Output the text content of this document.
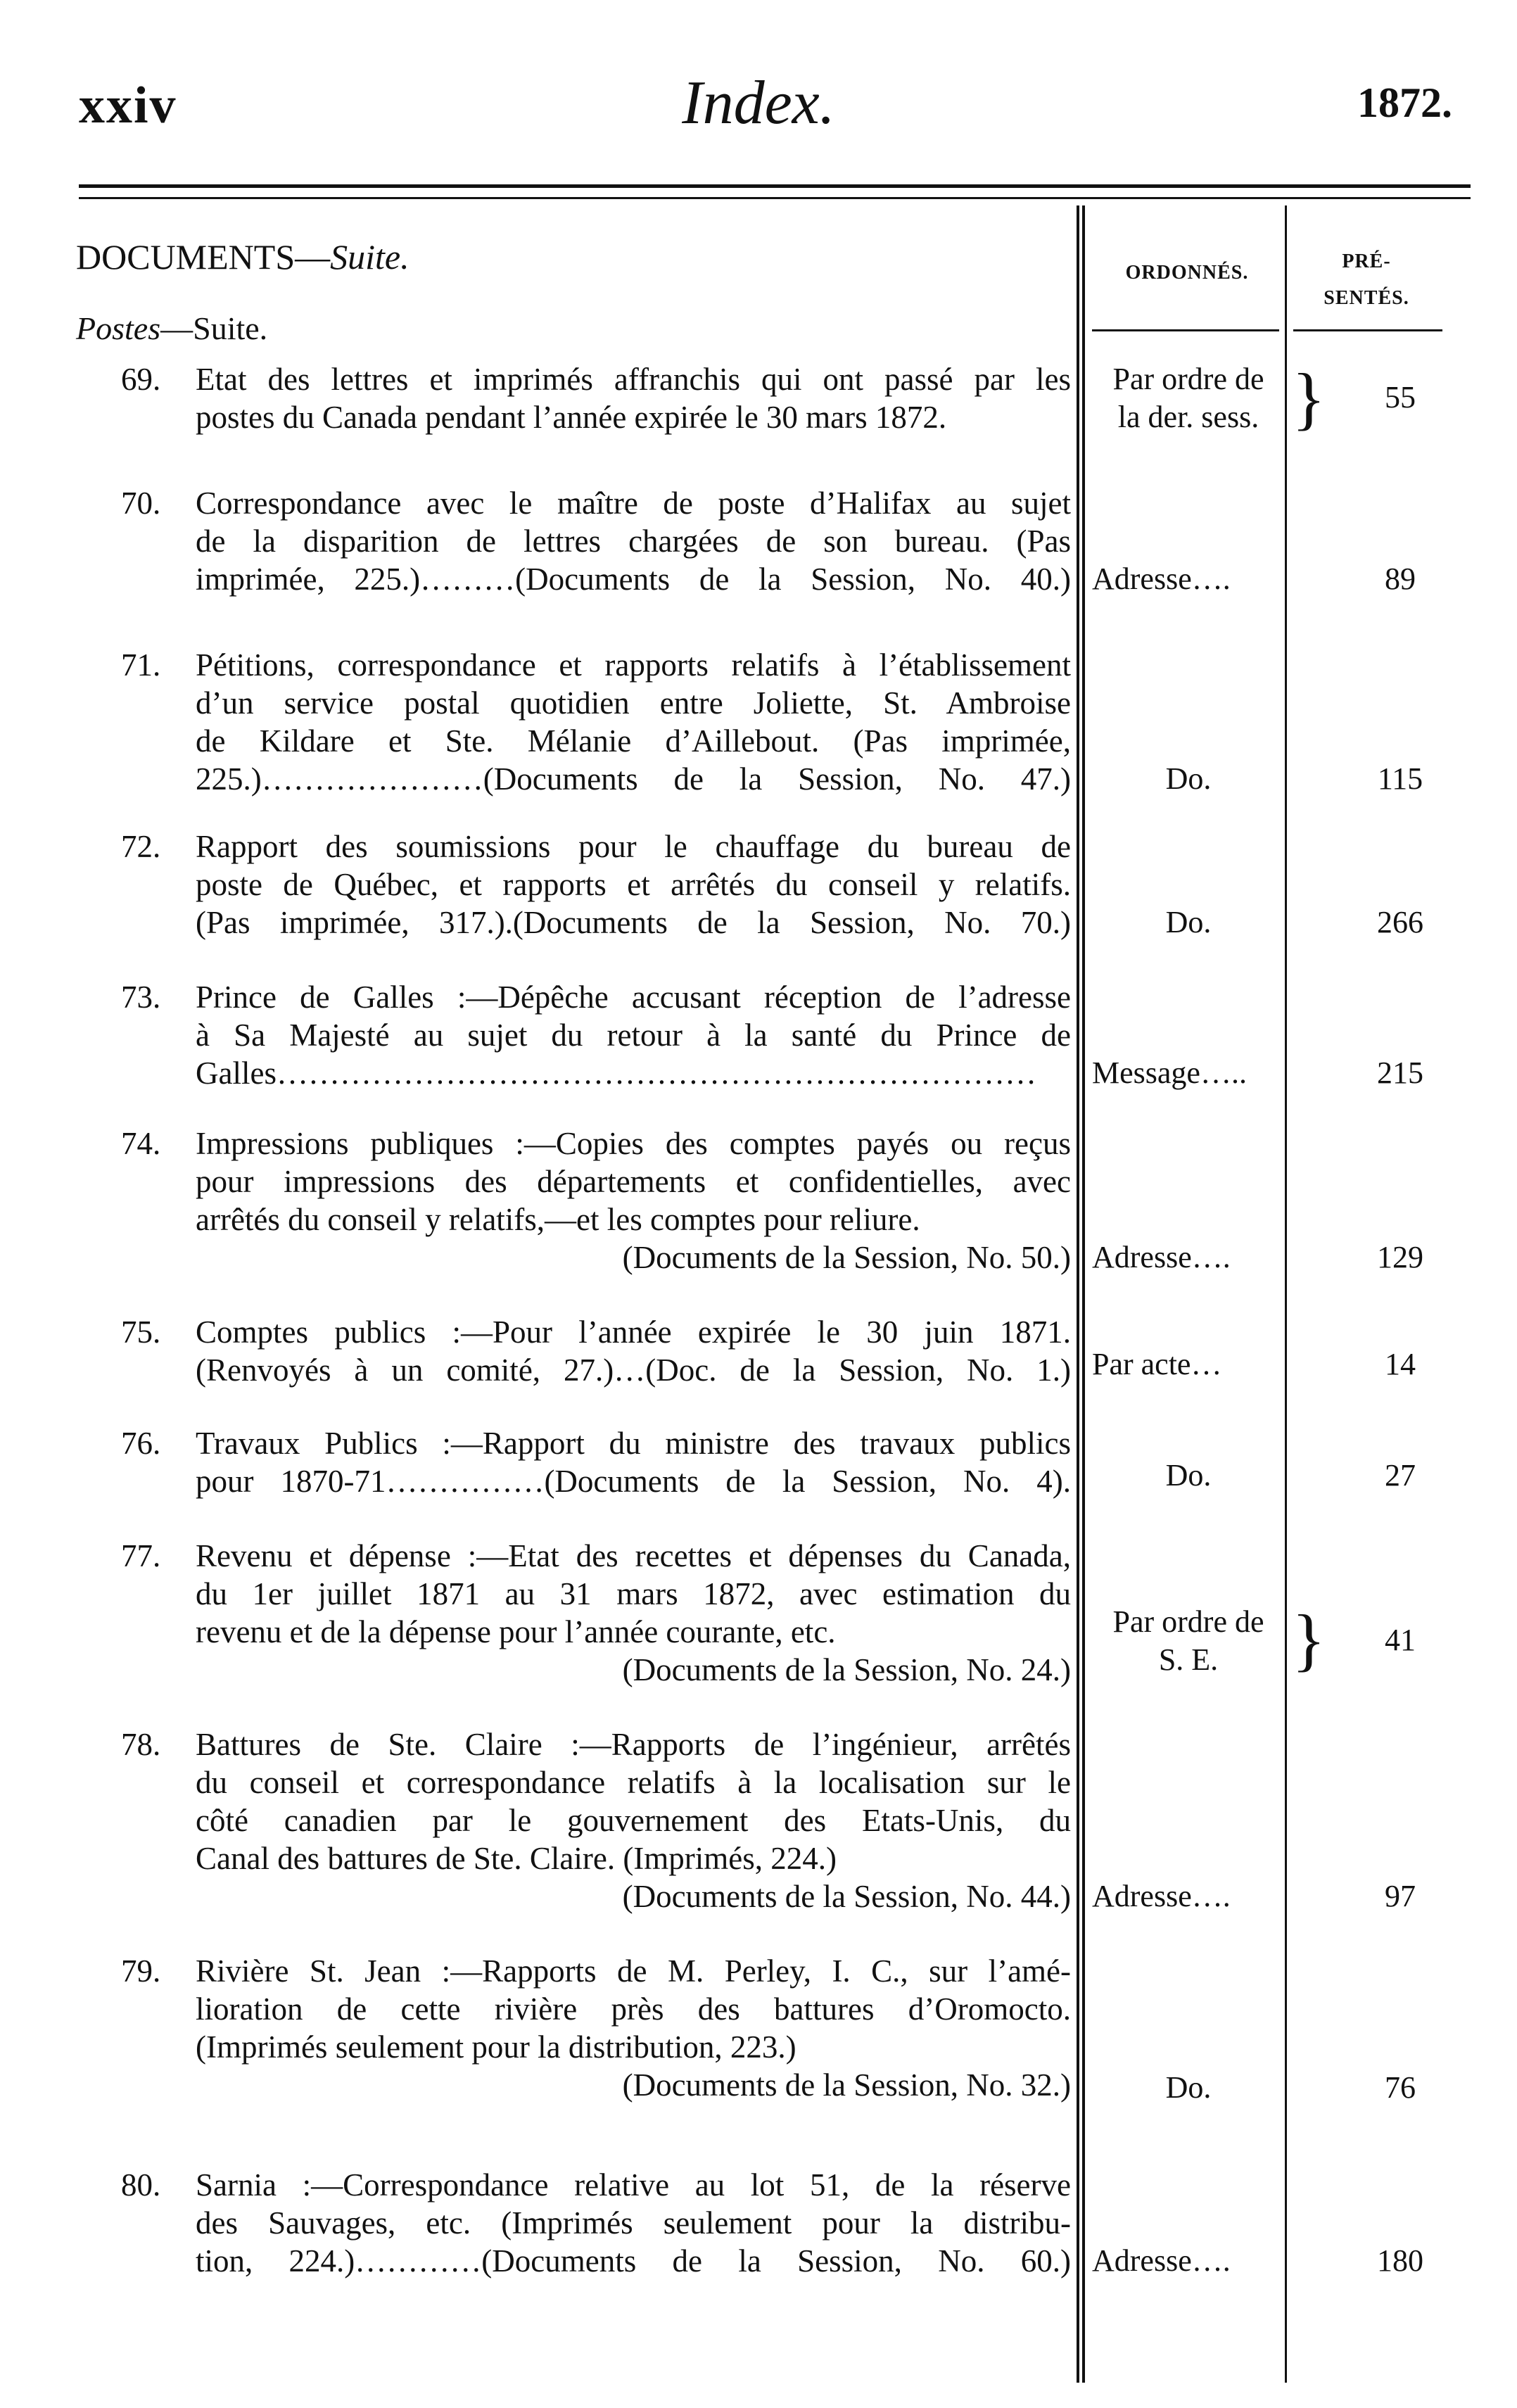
xxiv	Index.	1872.
DOCUMENTS—Suite.
Postes—Suite.
ORDONNÉS.
PRÉ-
SENTÉS.
69.	Etat des lettres et imprimés affranchis qui ont passé par les
postes du Canada pendant l’année expirée le 30 mars 1872.
Par ordre de
la der. sess. }	55
70.	Correspondance avec le maître de poste d’Halifax au sujet
de la disparition de lettres chargées de son bureau. (Pas
imprimée, 225.)………(Documents de la Session, No. 40.) Adresse….	89
71.	Pétitions, correspondance et rapports relatifs à l’établissement
d’un service postal quotidien entre Joliette, St. Ambroise
de Kildare et Ste. Mélanie d’Aillebout. (Pas imprimée,
225.)…………………(Documents de la Session, No. 47.)	Do.	115
72.	Rapport des soumissions pour le chauffage du bureau de
poste de Québec, et rapports et arrêtés du conseil y relatifs.
(Pas imprimée, 317.).(Documents de la Session, No. 70.)	Do.	266
73.	Prince de Galles :—Dépêche accusant réception de l’adresse
à Sa Majesté au sujet du retour à la santé du Prince de
Galles………………………………………………………………	Message…..	215
74.	Impressions publiques :—Copies des comptes payés ou reçus
pour impressions des départements et confidentielles, avec
arrêtés du conseil y relatifs,—et les comptes pour reliure.
(Documents de la Session, No. 50.) Adresse….	129
75.	Comptes publics :—Pour l’année expirée le 30 juin 1871.
(Renvoyés à un comité, 27.)…(Doc. de la Session, No. 1.) Par acte…	14
76.	Travaux Publics :—Rapport du ministre des travaux publics
pour 1870-71……………(Documents de la Session, No. 4).	Do.	27
77.	Revenu et dépense :—Etat des recettes et dépenses du Canada,
du 1er juillet 1871 au 31 mars 1872, avec estimation du
revenu et de la dépense pour l’année courante, etc.
(Documents de la Session, No. 24.)
Par ordre de
S. E.	}	41
78.	Battures de Ste. Claire :—Rapports de l’ingénieur, arrêtés
du conseil et correspondance relatifs à la localisation sur le
côté canadien par le gouvernement des Etats-Unis, du
Canal des battures de Ste. Claire. (Imprimés, 224.)
(Documents de la Session, No. 44.) Adresse….	97
79.	Rivière St. Jean :—Rapports de M. Perley, I. C., sur l’amé-
lioration de cette rivière près des battures d’Oromocto.
(Imprimés seulement pour la distribution, 223.)
(Documents de la Session, No. 32.)	Do.	76
80.	Sarnia :—Correspondance relative au lot 51, de la réserve
des Sauvages, etc. (Imprimés seulement pour la distribu-
tion, 224.)…………(Documents de la Session, No. 60.) Adresse….	180
